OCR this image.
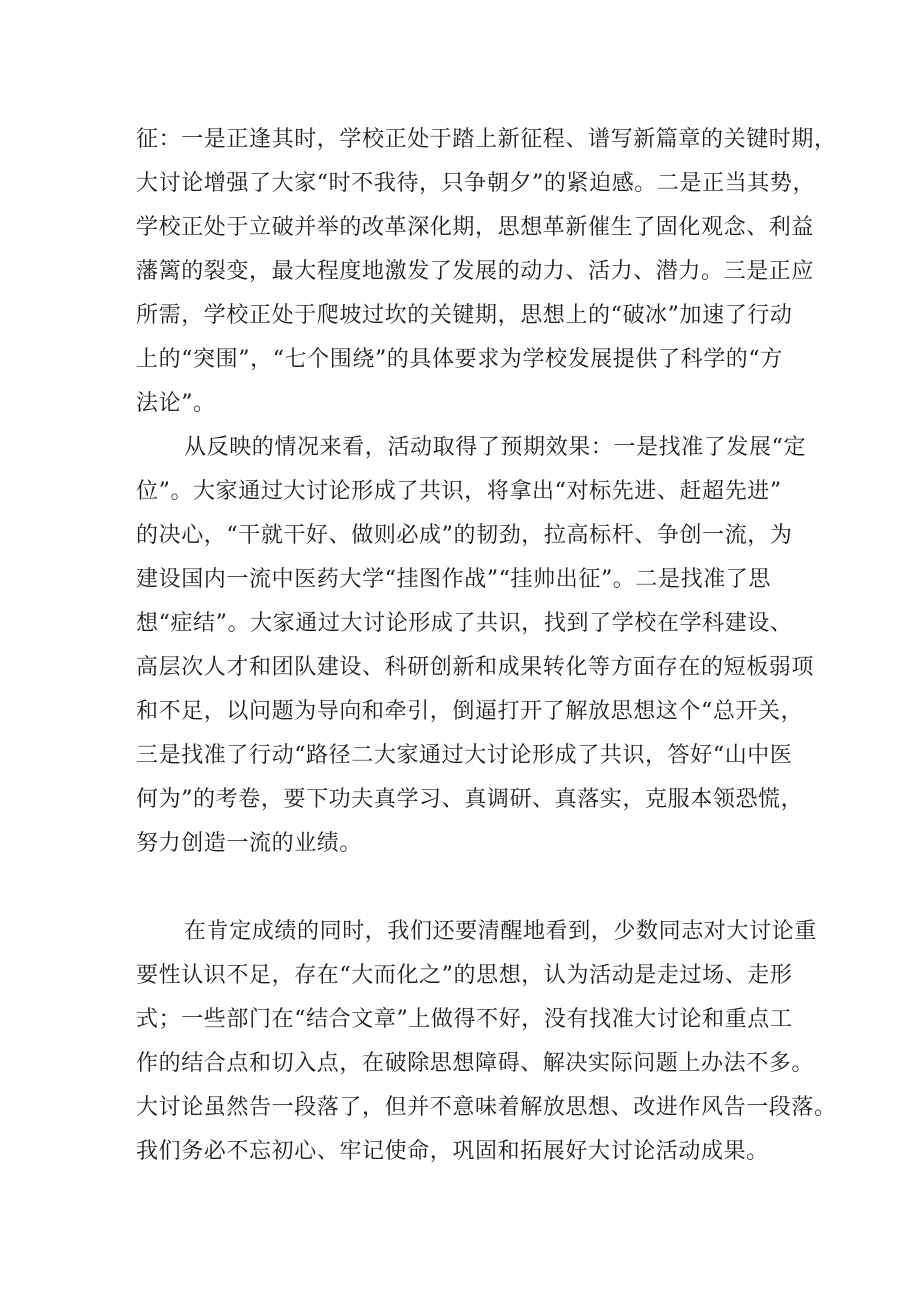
征：一是正逢其时，学校正处于踏上新征程、谱写新篇章的关键时期，
大讨论增强了大家“时不我待，只争朝夕”的紧迫感。二是正当其势，
学校正处于立破并举的改革深化期，思想革新催生了固化观念、利益
藩篱的裂变，最大程度地激发了发展的动力、活力、潜力。三是正应
所需，学校正处于爬坡过坎的关键期，思想上的“破冰”加速了行动
上的“突围”，“七个围绕”的具体要求为学校发展提供了科学的“方
法论”。
从反映的情况来看，活动取得了预期效果：一是找准了发展“定
位”。大家通过大讨论形成了共识，将拿出“对标先进、赶超先进”
的决心，“干就干好、做则必成”的韧劲，拉高标杆、争创一流，为
建设国内一流中医药大学“挂图作战”“挂帅出征”。二是找准了思
想“症结”。大家通过大讨论形成了共识，找到了学校在学科建设、
高层次人才和团队建设、科研创新和成果转化等方面存在的短板弱项
和不足，以问题为导向和牵引，倒逼打开了解放思想这个“总开关，
三是找准了行动“路径二大家通过大讨论形成了共识，答好“山中医
何为”的考卷，要下功夫真学习、真调研、真落实，克服本领恐慌，
努力创造一流的业绩。
在肯定成绩的同时，我们还要清醒地看到，少数同志对大讨论重
要性认识不足，存在“大而化之”的思想，认为活动是走过场、走形
式；一些部门在“结合文章”上做得不好，没有找准大讨论和重点工
作的结合点和切入点，在破除思想障碍、解决实际问题上办法不多。
大讨论虽然告一段落了，但并不意味着解放思想、改进作风告一段落。
我们务必不忘初心、牢记使命，巩固和拓展好大讨论活动成果。
